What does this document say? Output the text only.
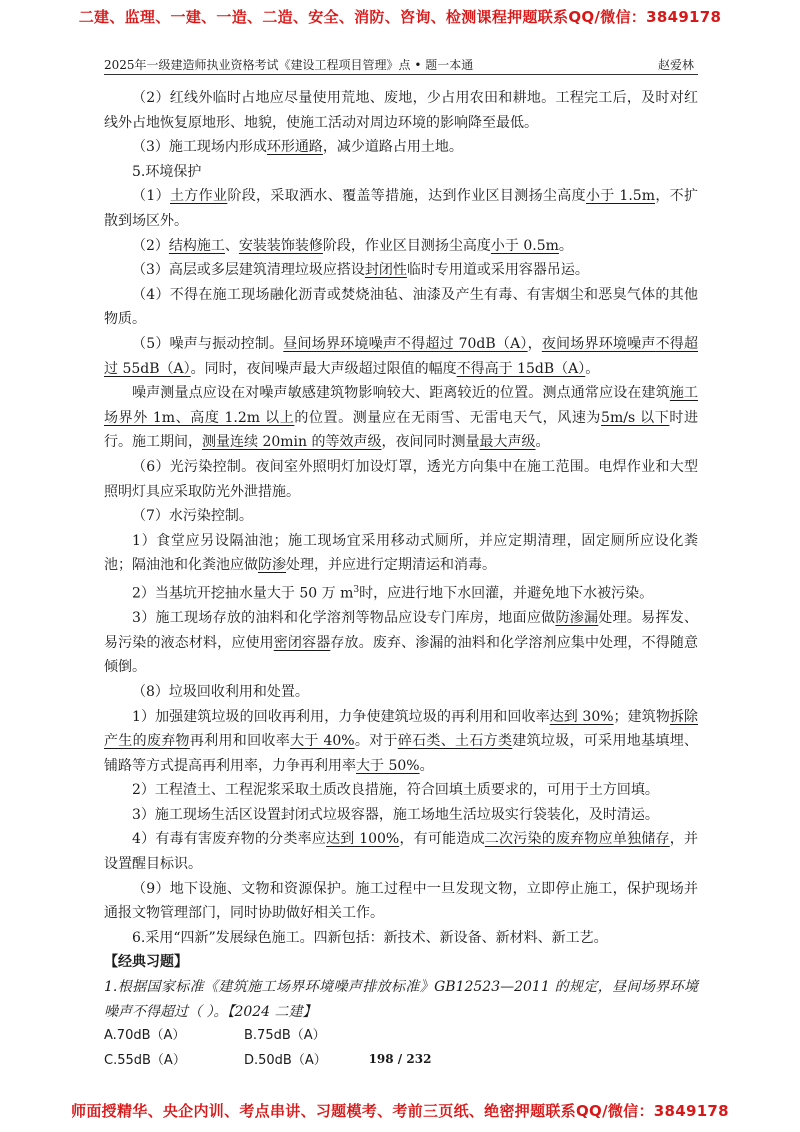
二建、监理、一建、一造、二造、安全、消防、咨询、检测课程押题联系QQ/微信：3849178
2025年一级建造师执业资格考试《建设工程项目管理》点 • 题一本通	赵爱林

（2）红线外临时占地应尽量使用荒地、废地，少占用农田和耕地。工程完工后，及时对红线外占地恢复原地形、地貌，使施工活动对周边环境的影响降至最低。

（3）施工现场内形成环形通路，减少道路占用土地。

5.环境保护

（1）土方作业阶段，采取洒水、覆盖等措施，达到作业区目测扬尘高度小于 1.5m，不扩散到场区外。

（2）结构施工、安装装饰装修阶段，作业区目测扬尘高度小于 0.5m。

（3）高层或多层建筑清理垃圾应搭设封闭性临时专用道或采用容器吊运。

（4）不得在施工现场融化沥青或焚烧油毡、油漆及产生有毒、有害烟尘和恶臭气体的其他物质。

（5）噪声与振动控制。昼间场界环境噪声不得超过 70dB（A），夜间场界环境噪声不得超过 55dB（A）。同时，夜间噪声最大声级超过限值的幅度不得高于 15dB（A）。

噪声测量点应设在对噪声敏感建筑物影响较大、距离较近的位置。测点通常应设在建筑施工场界外 1m、高度 1.2m 以上的位置。测量应在无雨雪、无雷电天气，风速为5m/s 以下时进行。施工期间，测量连续 20min 的等效声级，夜间同时测量最大声级。

（6）光污染控制。夜间室外照明灯加设灯罩，透光方向集中在施工范围。电焊作业和大型照明灯具应采取防光外泄措施。

（7）水污染控制。

1）食堂应另设隔油池；施工现场宜采用移动式厕所，并应定期清理，固定厕所应设化粪池；隔油池和化粪池应做防渗处理，并应进行定期清运和消毒。

2）当基坑开挖抽水量大于 50 万 $m^3$时，应进行地下水回灌，并避免地下水被污染。

3）施工现场存放的油料和化学溶剂等物品应设专门库房，地面应做防渗漏处理。易挥发、易污染的液态材料，应使用密闭容器存放。废弃、渗漏的油料和化学溶剂应集中处理，不得随意倾倒。

（8）垃圾回收利用和处置。

1）加强建筑垃圾的回收再利用，力争使建筑垃圾的再利用和回收率达到 30%；建筑物拆除产生的废弃物再利用和回收率大于 40%。对于碎石类、土石方类建筑垃圾，可采用地基填埋、铺路等方式提高再利用率，力争再利用率大于 50%。

2）工程渣土、工程泥浆采取土质改良措施，符合回填土质要求的，可用于土方回填。

3）施工现场生活区设置封闭式垃圾容器，施工场地生活垃圾实行袋装化，及时清运。

4）有毒有害废弃物的分类率应达到 100%，有可能造成二次污染的废弃物应单独储存，并设置醒目标识。

（9）地下设施、文物和资源保护。施工过程中一旦发现文物，立即停止施工，保护现场并通报文物管理部门，同时协助做好相关工作。

6.采用“四新”发展绿色施工。四新包括：新技术、新设备、新材料、新工艺。

【经典习题】

1.根据国家标准《建筑施工场界环境噪声排放标准》GB12523—2011 的规定，昼间场界环境噪声不得超过（ ）。【2024 二建】

A.70dB（A）	B.75dB（A）
C.55dB（A）	D.50dB（A）	198 / 232
师面授精华、央企内训、考点串讲、习题模考、考前三页纸、绝密押题联系QQ/微信：3849178
